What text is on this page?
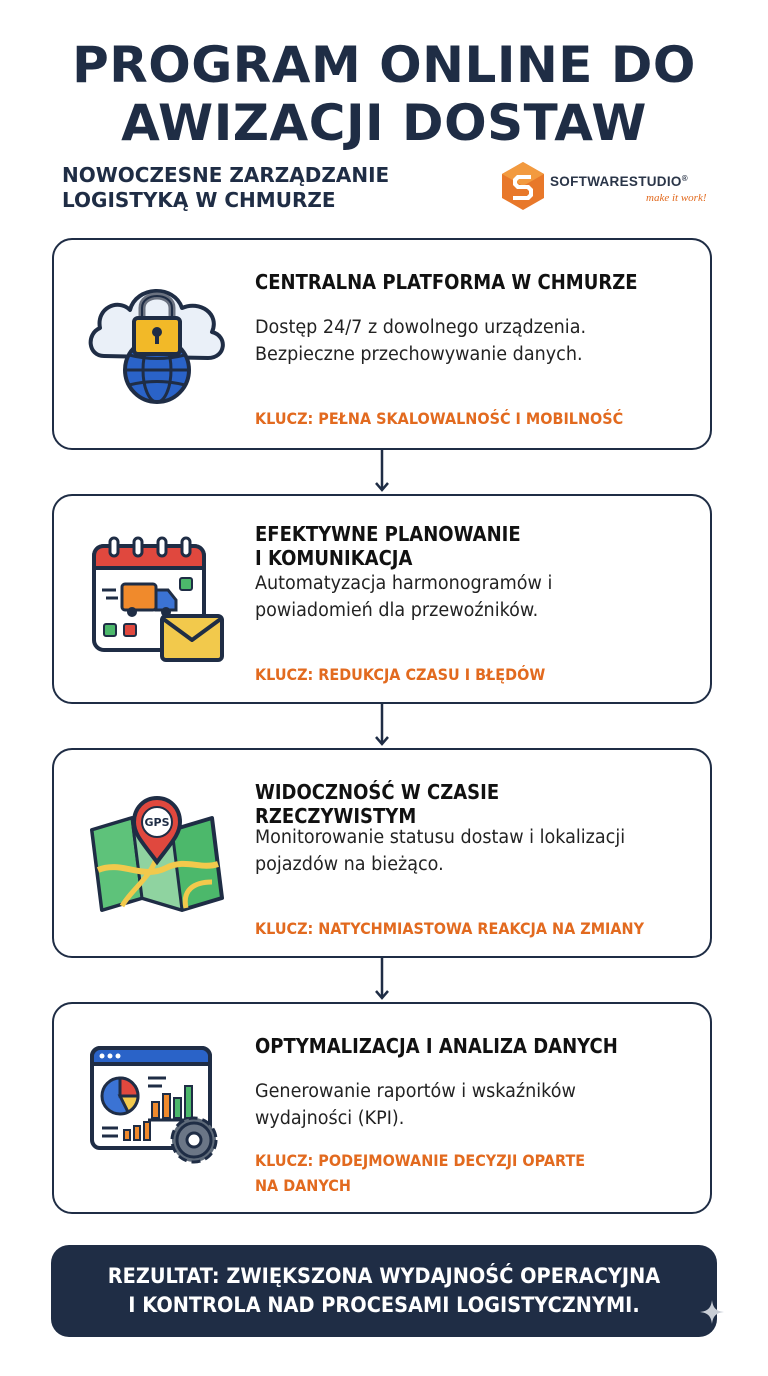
PROGRAM ONLINE DO
AWIZACJI DOSTAW
NOWOCZESNE ZARZĄDZANIE
LOGISTYKĄ W CHMURZE
SOFTWARESTUDIO®
make it work!
CENTRALNA PLATFORMA W CHMURZE
Dostęp 24/7 z dowolnego urządzenia.
Bezpieczne przechowywanie danych.
KLUCZ: PEŁNA SKALOWALNOŚĆ I MOBILNOŚĆ
EFEKTYWNE PLANOWANIE
I KOMUNIKACJA
Automatyzacja harmonogramów i
powiadomień dla przewoźników.
KLUCZ: REDUKCJA CZASU I BŁĘDÓW
GPS
WIDOCZNOŚĆ W CZASIE RZECZYWISTYM
Monitorowanie statusu dostaw i lokalizacji
pojazdów na bieżąco.
KLUCZ: NATYCHMIASTOWA REAKCJA NA ZMIANY
OPTYMALIZACJA I ANALIZA DANYCH
Generowanie raportów i wskaźników
wydajności (KPI).
KLUCZ: PODEJMOWANIE DECYZJI OPARTE
NA DANYCH
REZULTAT: ZWIĘKSZONA WYDAJNOŚĆ OPERACYJNA
I KONTROLA NAD PROCESAMI LOGISTYCZNYMI.
